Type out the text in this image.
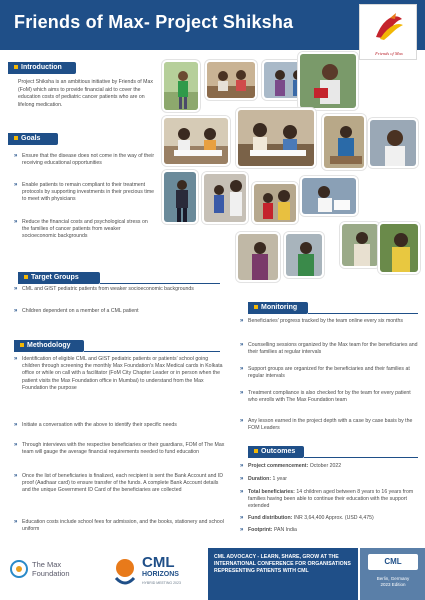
Friends of Max- Project Shiksha
Friends of Max
Introduction
Project Shiksha is an ambitious initiative by Friends of Max (FoM) which aims to provide financial aid to cover the education costs of pediatric cancer patients who are on lifelong medication.
Goals
» Ensure that the disease does not come in the way of their receiving educational opportunities
» Enable patients to remain compliant to their treatment protocols by supporting investments in their precious time to meet with physicians
» Reduce the financial costs and psychological stress on the families of cancer patients from weaker socioeconomic backgrounds
Target Groups
» CML and GIST pediatric patients from weaker socioeconomic backgrounds
» Children dependent on a member of a CML patient
Methodology
» Identification of eligible CML and GIST pediatric patients or patients’ school going children through screening the monthly Max Foundation's Max Medical cards in Kolkata office or while on call with a facilitator (FoM City Chapter Leader or in person when the patient visits the Max Foundation office in Mumbai) to understand from the Max Foundation the purpose
» Initiate a conversation with the above to identify their specific needs
» Through interviews with the respective beneficiaries or their guardians, FOM of The Max team will gauge the average financial requirements needed to fund education
» Once the list of beneficiaries is finalized, each recipient is sent the Bank Account and ID proof (Aadhaar card) to ensure transfer of the funds. A complete Bank Account details and the unique Government ID Card of the beneficiaries are collected
» Education costs include school fees for admission, and the books, stationery and school uniform
Monitoring
» Beneficiaries' progress tracked by the team online every six months
» Counselling sessions organized by the Max team for the beneficiaries and their families at regular intervals
» Support groups are organized for the beneficiaries and their families at regular intervals
» Treatment compliance is also checked for by the team for every patient who enrolls with The Max Foundation team
» Any lesson earned in the project depth with a case by case basis by the FOM Leaders
Outcomes
» Project commencement: October 2022
» Duration: 1 year
» Total beneficiaries: 14 children aged between 8 years to 16 years from families having been able to continue their education with the support extended
» Fund distribution: INR 3,64,400 Approx. (USD 4,475)
» Footprint: PAN India
The Max
Foundation
CML
HORIZONS
HYBRID MEETING 2023
CML ADVOCACY - LEARN, SHARE, GROW AT THE INTERNATIONAL CONFERENCE FOR ORGANISATIONS REPRESENTING PATIENTS WITH CML
CML
Berlin, Germany
2023 Edition
